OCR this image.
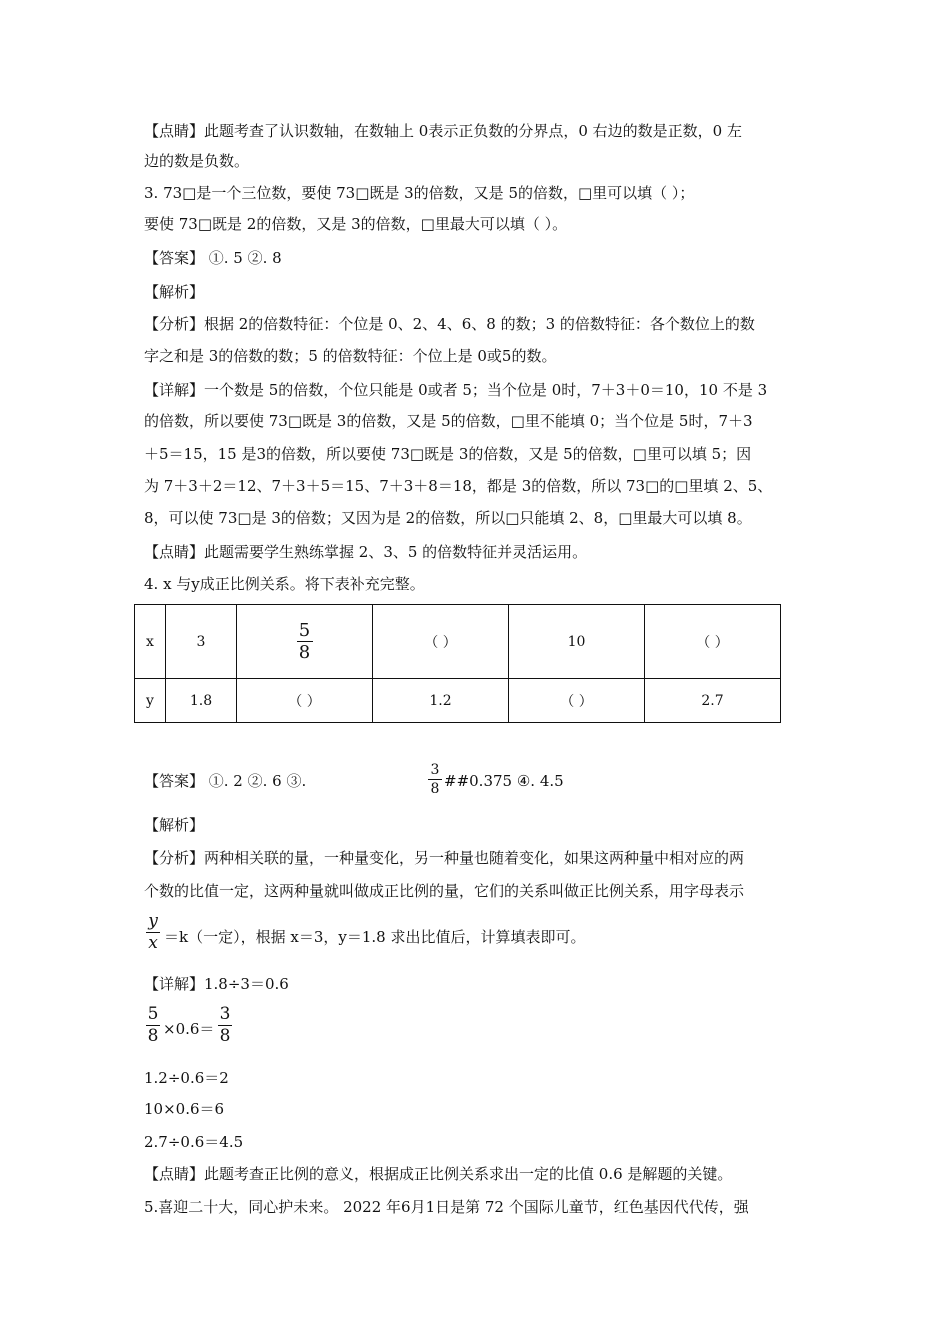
【点睛】此题考查了认识数轴，在数轴上 0表示正负数的分界点，0 右边的数是正数，0 左
边的数是负数。
3. 73□是一个三位数，要使 73□既是 3的倍数，又是 5的倍数，□里可以填（ ）；
要使 73□既是 2的倍数，又是 3的倍数，□里最大可以填（ ）。
【答案】 ①. 5 ②. 8
【解析】
【分析】根据 2的倍数特征：个位是 0、2、4、6、8 的数；3 的倍数特征：各个数位上的数
字之和是 3的倍数的数；5 的倍数特征：个位上是 0或5的数。
【详解】一个数是 5的倍数，个位只能是 0或者 5；当个位是 0时，7＋3＋0＝10，10 不是 3
的倍数，所以要使 73□既是 3的倍数，又是 5的倍数，□里不能填 0；当个位是 5时，7＋3
＋5＝15，15 是3的倍数，所以要使 73□既是 3的倍数，又是 5的倍数，□里可以填 5；因
为 7＋3＋2＝12、7＋3＋5＝15、7＋3＋8＝18，都是 3的倍数，所以 73□的□里填 2、5、
8，可以使 73□是 3的倍数；又因为是 2的倍数，所以□只能填 2、8，□里最大可以填 8。
【点睛】此题需要学生熟练掌握 2、3、5 的倍数特征并灵活运用。
4. x 与y成正比例关系。将下表补充完整。
x	3	$\frac{5}{8}$	（ ）	10	（ ）
y	1.8	（ ）	1.2	（ ）	2.7
【答案】 ①. 2 ②. 6 ③.
3
8 ##0.375 ④. 4.5
【解析】
【分析】两种相关联的量，一种量变化，另一种量也随着变化，如果这两种量中相对应的两
个数的比值一定，这两种量就叫做成正比例的量，它们的关系叫做正比例关系，用字母表示
y
x ＝k（一定），根据 x＝3，y＝1.8 求出比值后，计算填表即可。
【详解】1.8÷3＝0.6
5
8 ×0.6＝
3
8
1.2÷0.6＝2
10×0.6＝6
2.7÷0.6＝4.5
【点睛】此题考查正比例的意义，根据成正比例关系求出一定的比值 0.6 是解题的关键。
5.喜迎二十大，同心护未来。 2022 年6月1日是第 72 个国际儿童节，红色基因代代传，强
